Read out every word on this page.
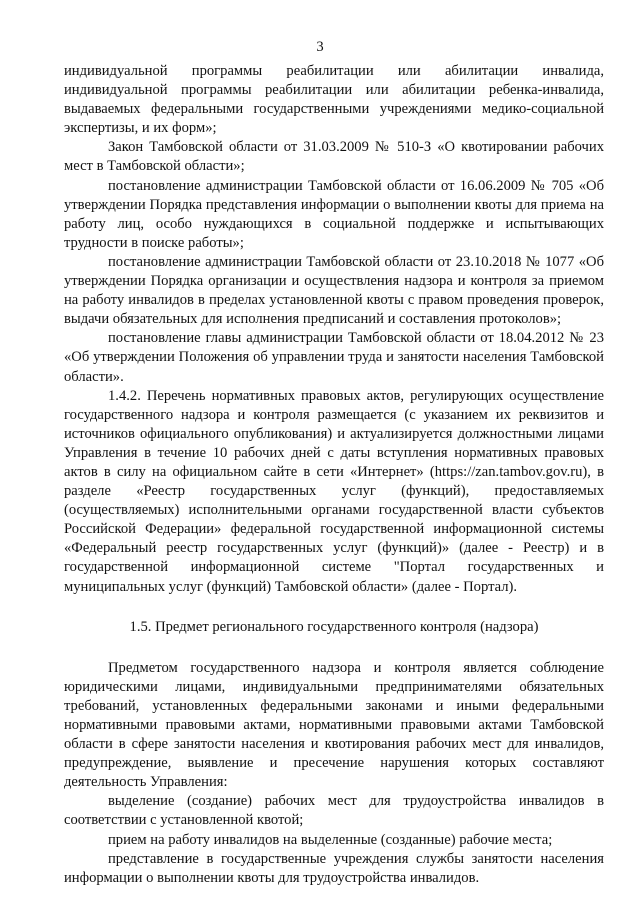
3

индивидуальной программы реабилитации или абилитации инвалида, индивидуальной программы реабилитации или абилитации ребенка-инвалида, выдаваемых федеральными государственными учреждениями медико-социальной экспертизы, и их форм»;

Закон Тамбовской области от 31.03.2009 № 510-З «О квотировании рабочих мест в Тамбовской области»;

постановление администрации Тамбовской области от 16.06.2009 № 705 «Об утверждении Порядка представления информации о выполнении квоты для приема на работу лиц, особо нуждающихся в социальной поддержке и испытывающих трудности в поиске работы»;

постановление администрации Тамбовской области от 23.10.2018 № 1077 «Об утверждении Порядка организации и осуществления надзора и контроля за приемом на работу инвалидов в пределах установленной квоты с правом проведения проверок, выдачи обязательных для исполнения предписаний и составления протоколов»;

постановление главы администрации Тамбовской области от 18.04.2012 № 23 «Об утверждении Положения об управлении труда и занятости населения Тамбовской области».

1.4.2. Перечень нормативных правовых актов, регулирующих осуществление государственного надзора и контроля размещается (с указанием их реквизитов и источников официального опубликования) и актуализируется должностными лицами Управления в течение 10 рабочих дней с даты вступления нормативных правовых актов в силу на официальном сайте в сети «Интернет» (https://zan.tambov.gov.ru), в разделе «Реестр государственных услуг (функций), предоставляемых (осуществляемых) исполнительными органами государственной власти субъектов Российской Федерации» федеральной государственной информационной системы «Федеральный реестр государственных услуг (функций)» (далее - Реестр) и в государственной информационной системе "Портал государственных и муниципальных услуг (функций) Тамбовской области» (далее - Портал).

1.5. Предмет регионального государственного контроля (надзора)

Предметом государственного надзора и контроля является соблюдение юридическими лицами, индивидуальными предпринимателями обязательных требований, установленных федеральными законами и иными федеральными нормативными правовыми актами, нормативными правовыми актами Тамбовской области в сфере занятости населения и квотирования рабочих мест для инвалидов, предупреждение, выявление и пресечение нарушения которых составляют деятельность Управления:

выделение (создание) рабочих мест для трудоустройства инвалидов в соответствии с установленной квотой;

прием на работу инвалидов на выделенные (созданные) рабочие места;

представление в государственные учреждения службы занятости населения информации о выполнении квоты для трудоустройства инвалидов.
